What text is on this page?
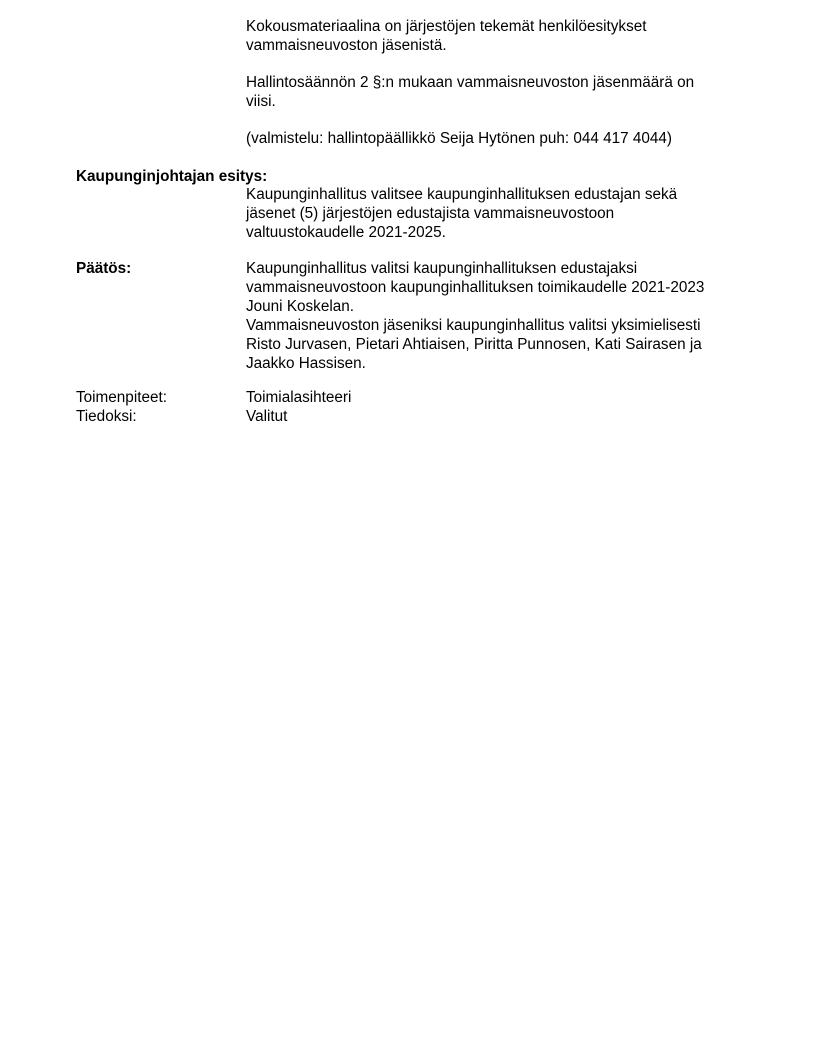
Kokousmateriaalina on järjestöjen tekemät henkilöesitykset
vammaisneuvoston jäsenistä.

Hallintosäännön 2 §:n mukaan vammaisneuvoston jäsenmäärä on
viisi.

(valmistelu: hallintopäällikkö Seija Hytönen puh: 044 417 4044)

Kaupunginjohtajan esitys:

Kaupunginhallitus valitsee kaupunginhallituksen edustajan sekä
jäsenet (5) järjestöjen edustajista vammaisneuvostoon
valtuustokaudelle 2021-2025.

Päätös:	Kaupunginhallitus valitsi kaupunginhallituksen edustajaksi
vammaisneuvostoon kaupunginhallituksen toimikaudelle 2021-2023
Jouni Koskelan.
Vammaisneuvoston jäseniksi kaupunginhallitus valitsi yksimielisesti
Risto Jurvasen, Pietari Ahtiaisen, Piritta Punnosen, Kati Sairasen ja
Jaakko Hassisen.

Toimenpiteet:	Toimialasihteeri

Tiedoksi:	Valitut
